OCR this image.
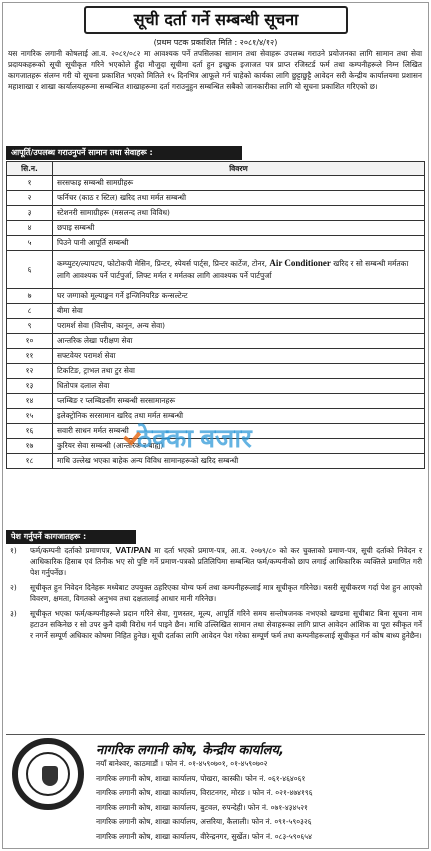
सूची दर्ता गर्ने सम्बन्धी सूचना
(प्रथम पटक प्रकाशित मिति : २०८१/४/१२)
यस नागरिक लगानी कोषलाई आ.व. २०८१/०८२ मा आवश्यक पर्ने तपसिलका सामान तथा सेवाहरू उपलब्ध गराउने प्रयोजनका लागि सामान तथा सेवा प्रदायकहरूको सूची सूचीकृत गरिने भएकोले हुँदा मौजुदा सूचीमा दर्ता हुन इच्छुक इजाजत पत्र प्राप्त रजिस्टर्ड फर्म तथा कम्पनीहरूले निम्न लिखित कागजातहरू संलग्न गरी यो सूचना प्रकाशित भएको मितिले १५ दिनभित्र आफूले गर्न चाहेको कार्यका लागि छुट्टाछुट्टै आवेदन सरी केन्द्रीय कार्यालयमा प्रशासन महाशाखा र शाखा कार्यालयहरूमा सम्बन्धित शाखाहरूमा दर्ता गराउनुहुन सम्बन्धित सबैको जानकारीका लागि यो सूचना प्रकाशित गरिएको छ।
आपूर्ति/उपलब्ध गराउनुपर्ने सामान तथा सेवाहरू :
सि.न.	विवरण
१	सरसफाइ सम्बन्धी सामग्रीहरू
२	फर्निचर (काठ र स्टिल) खरिद तथा मर्मत सम्बन्धी
३	स्टेशनरी सामाग्रीहरू (मसलन्द तथा विविध)
४	छपाइ सम्बन्धी
५	पिउने पानी आपूर्ति सम्बन्धी
६	कम्प्युटर/ल्यापटप, फोटोकपी मेसिन, प्रिन्टर, स्पेयर्स पार्ट्स, प्रिन्टर कार्टेज, टोनर, Air Conditioner खरिद र सो सम्बन्धी मर्मतका लागि आवश्यक पर्ने पार्टपुर्जा, लिफ्ट मर्मत र मर्मतका लागि आवश्यक पर्ने पार्टपुर्जा
७	घर जग्गाको मूल्याङ्कन गर्ने इन्जिनियरिङ कन्सल्टेन्ट
८	बीमा सेवा
९	परामर्श सेवा (वित्तीय, कानून, अन्य सेवा)
१०	आन्तरिक लेखा परीक्षण सेवा
११	सफ्टवेयर परामर्श सेवा
१२	टिकटिङ, ट्राभल तथा टुर सेवा
१३	धितोपत्र दलाल सेवा
१४	प्लम्बिङ र प्लम्बिङसँग सम्बन्धी सरसामानहरू
१५	इलेक्ट्रोनिक सरसामान खरिद तथा मर्मत सम्बन्धी
१६	सवारी साधन मर्मत सम्बन्धी
१७	कुरियर सेवा सम्बन्धी (आन्तरिक र बाह्य)
१८	माथि उल्लेख भएका बाहेक अन्य विविध सामानहरूको खरिद सम्बन्धी
ठेक्का बजार
पेश गर्नुपर्ने कागजातहरू :
१) फर्म/कम्पनी दर्ताको प्रमाणपत्र, VAT/PAN मा दर्ता भएको प्रमाण-पत्र, आ.व. २०७९/८० को कर चुक्ताको प्रमाण-पत्र, सूची दर्ताको निवेदन र आधिकारिक हिसाब एवं तिनीक भए सो पुष्टि गर्ने प्रमाण-पत्रको प्रतिलिपिमा सम्बन्धित फर्म/कम्पनीको छाप लगाई आधिकारिक व्यक्तिले प्रमाणित गरी पेश गर्नुपर्नेछ।
२) सूचीकृत हुन निवेदन दिनेहरू मध्येबाट उपयुक्त ठहरिएका योग्य फर्म तथा कम्पनीहरूलाई मात्र सूचीकृत गरिनेछ। यसरी सूचीकरण गर्दा पेश हुन आएको विवरण, क्षमता, विगतको अनुभव तथा दक्षतालाई आधार मानी गरिनेछ।
३) सूचीकृत भएका फर्म/कम्पनीहरूले प्रदान गरिने सेवा, गुणस्तर, मूल्य, आपूर्ति गरिने समय सन्तोषजनक नभएको खण्डमा सूचीबाट बिना सूचना नाम हटाउन सकिनेछ र सो उपर कुनै दाबी विरोध गर्न पाइने छैन। माथि उल्लिखित सामान तथा सेवाहरूका लागि प्राप्त आवेदन आंशिक वा पूरा स्वीकृत गर्ने र नगर्ने सम्पूर्ण अधिकार कोषमा निहित हुनेछ। सूची दर्ताका लागि आवेदन पेश गरेका सम्पूर्ण फर्म तथा कम्पनीहरूलाई सूचीकृत गर्न कोष बाध्य हुनेछैन।
नागरिक लगानी कोष, केन्द्रीय कार्यालय,
नयाँ बानेश्वर, काठमाडौं । फोन नं. ०१-४५९०७०१, ०१-४५९०७०२
नागरिक लगानी कोष, शाखा कार्यालय, पोखरा, कास्की। फोन नं. ०६१-४६४०६१
नागरिक लगानी कोष, शाखा कार्यालय, विराटनगर, मोरङ । फोन नं. ०२१-४७४१९६
नागरिक लगानी कोष, शाखा कार्यालय, बुटवल, रुपन्देही। फोन नं. ०७१-४३४५२१
नागरिक लगानी कोष, शाखा कार्यालय, अत्तरिया, कैलाली। फोन नं. ०९१-५९०३२६
नागरिक लगानी कोष, शाखा कार्यालय, वीरेन्द्रनगर, सुर्खेत। फोन नं. ०८३-५९०६५४
